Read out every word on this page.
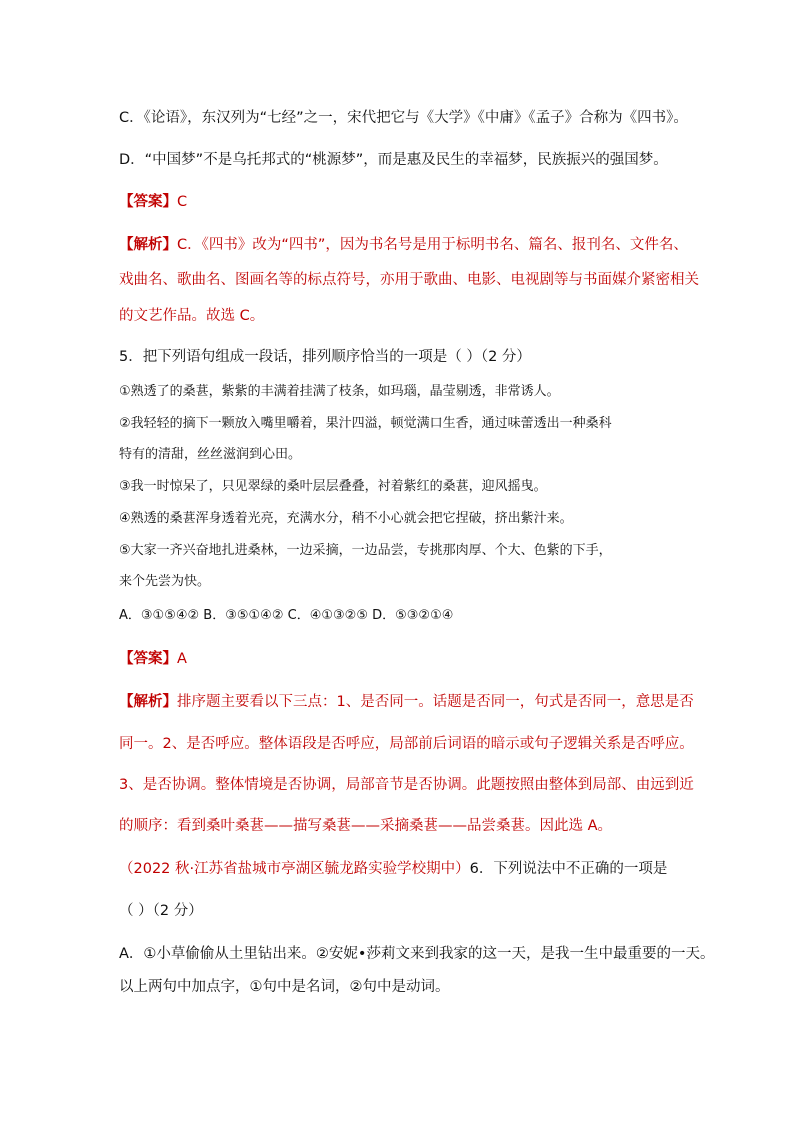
C．《论语》，东汉列为“七经”之一，宋代把它与《大学》《中庸》《孟子》合称为《四书》。
D．“中国梦”不是乌托邦式的“桃源梦”，而是惠及民生的幸福梦，民族振兴的强国梦。
【答案】C
【解析】C．《四书》改为“四书”，因为书名号是用于标明书名、篇名、报刊名、文件名、
戏曲名、歌曲名、图画名等的标点符号，亦用于歌曲、电影、电视剧等与书面媒介紧密相关
的文艺作品。故选 C。
5．把下列语句组成一段话，排列顺序恰当的一项是（ ）（2 分）
①熟透了的桑葚，紫紫的丰满着挂满了枝条，如玛瑙，晶莹剔透，非常诱人。
②我轻轻的摘下一颗放入嘴里嚼着，果汁四溢，顿觉满口生香，通过味蕾透出一种桑科
特有的清甜，丝丝滋润到心田。
③我一时惊呆了，只见翠绿的桑叶层层叠叠，衬着紫红的桑葚，迎风摇曳。
④熟透的桑葚浑身透着光亮，充满水分，稍不小心就会把它捏破，挤出紫汁来。
⑤大家一齐兴奋地扎进桑林，一边采摘，一边品尝，专挑那肉厚、个大、色紫的下手，
来个先尝为快。
A．③①⑤④② B．③⑤①④② C．④①③②⑤ D．⑤③②①④
【答案】A
【解析】排序题主要看以下三点：1、是否同一。话题是否同一，句式是否同一，意思是否
同一。2、是否呼应。整体语段是否呼应，局部前后词语的暗示或句子逻辑关系是否呼应。
3、是否协调。整体情境是否协调，局部音节是否协调。此题按照由整体到局部、由远到近
的顺序：看到桑叶桑葚——描写桑葚——采摘桑葚——品尝桑葚。因此选 A。
（2022 秋·江苏省盐城市亭湖区毓龙路实验学校期中）6．下列说法中不正确的一项是
（ ）（2 分）
A．①小草偷偷从土里钻出来。②安妮•莎莉文来到我家的这一天，是我一生中最重要的一天。
以上两句中加点字，①句中是名词，②句中是动词。
